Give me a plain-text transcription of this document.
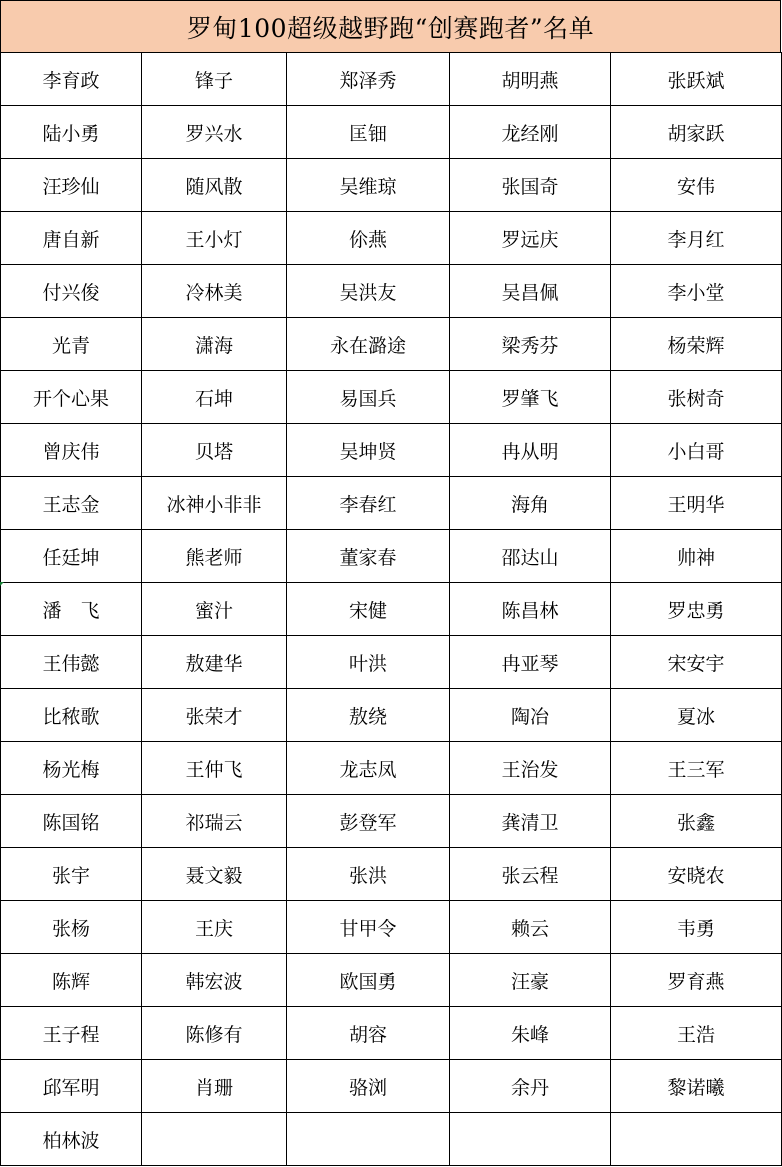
罗甸100超级越野跑“创赛跑者”名单
李育政	锋子	郑泽秀	胡明燕	张跃斌
陆小勇	罗兴水	匡钿	龙经刚	胡家跃
汪珍仙	随风散	吴维琼	张国奇	安伟
唐自新	王小灯	伱燕	罗远庆	李月红
付兴俊	冷林美	吴洪友	吴昌佩	李小堂
光青	潇海	永在潞途	梁秀芬	杨荣辉
开个心果	石坤	易国兵	罗肇飞	张树奇
曾庆伟	贝塔	吴坤贤	冉从明	小白哥
王志金	冰神小非非	李春红	海角	王明华
任廷坤	熊老师	董家春	邵达山	帅神
潘　飞	蜜汁	宋健	陈昌林	罗忠勇
王伟懿	敖建华	叶洪	冉亚琴	宋安宇
比秾歌	张荣才	敖绕	陶冶	夏冰
杨光梅	王仲飞	龙志凤	王治发	王三军
陈国铭	祁瑞云	彭登军	龚清卫	张鑫
张宇	聂文毅	张洪	张云程	安晓农
张杨	王庆	甘甲令	赖云	韦勇
陈辉	韩宏波	欧国勇	汪豪	罗育燕
王子程	陈修有	胡容	朱峰	王浩
邱军明	肖珊	骆浏	余丹	黎诺曦
柏林波				
